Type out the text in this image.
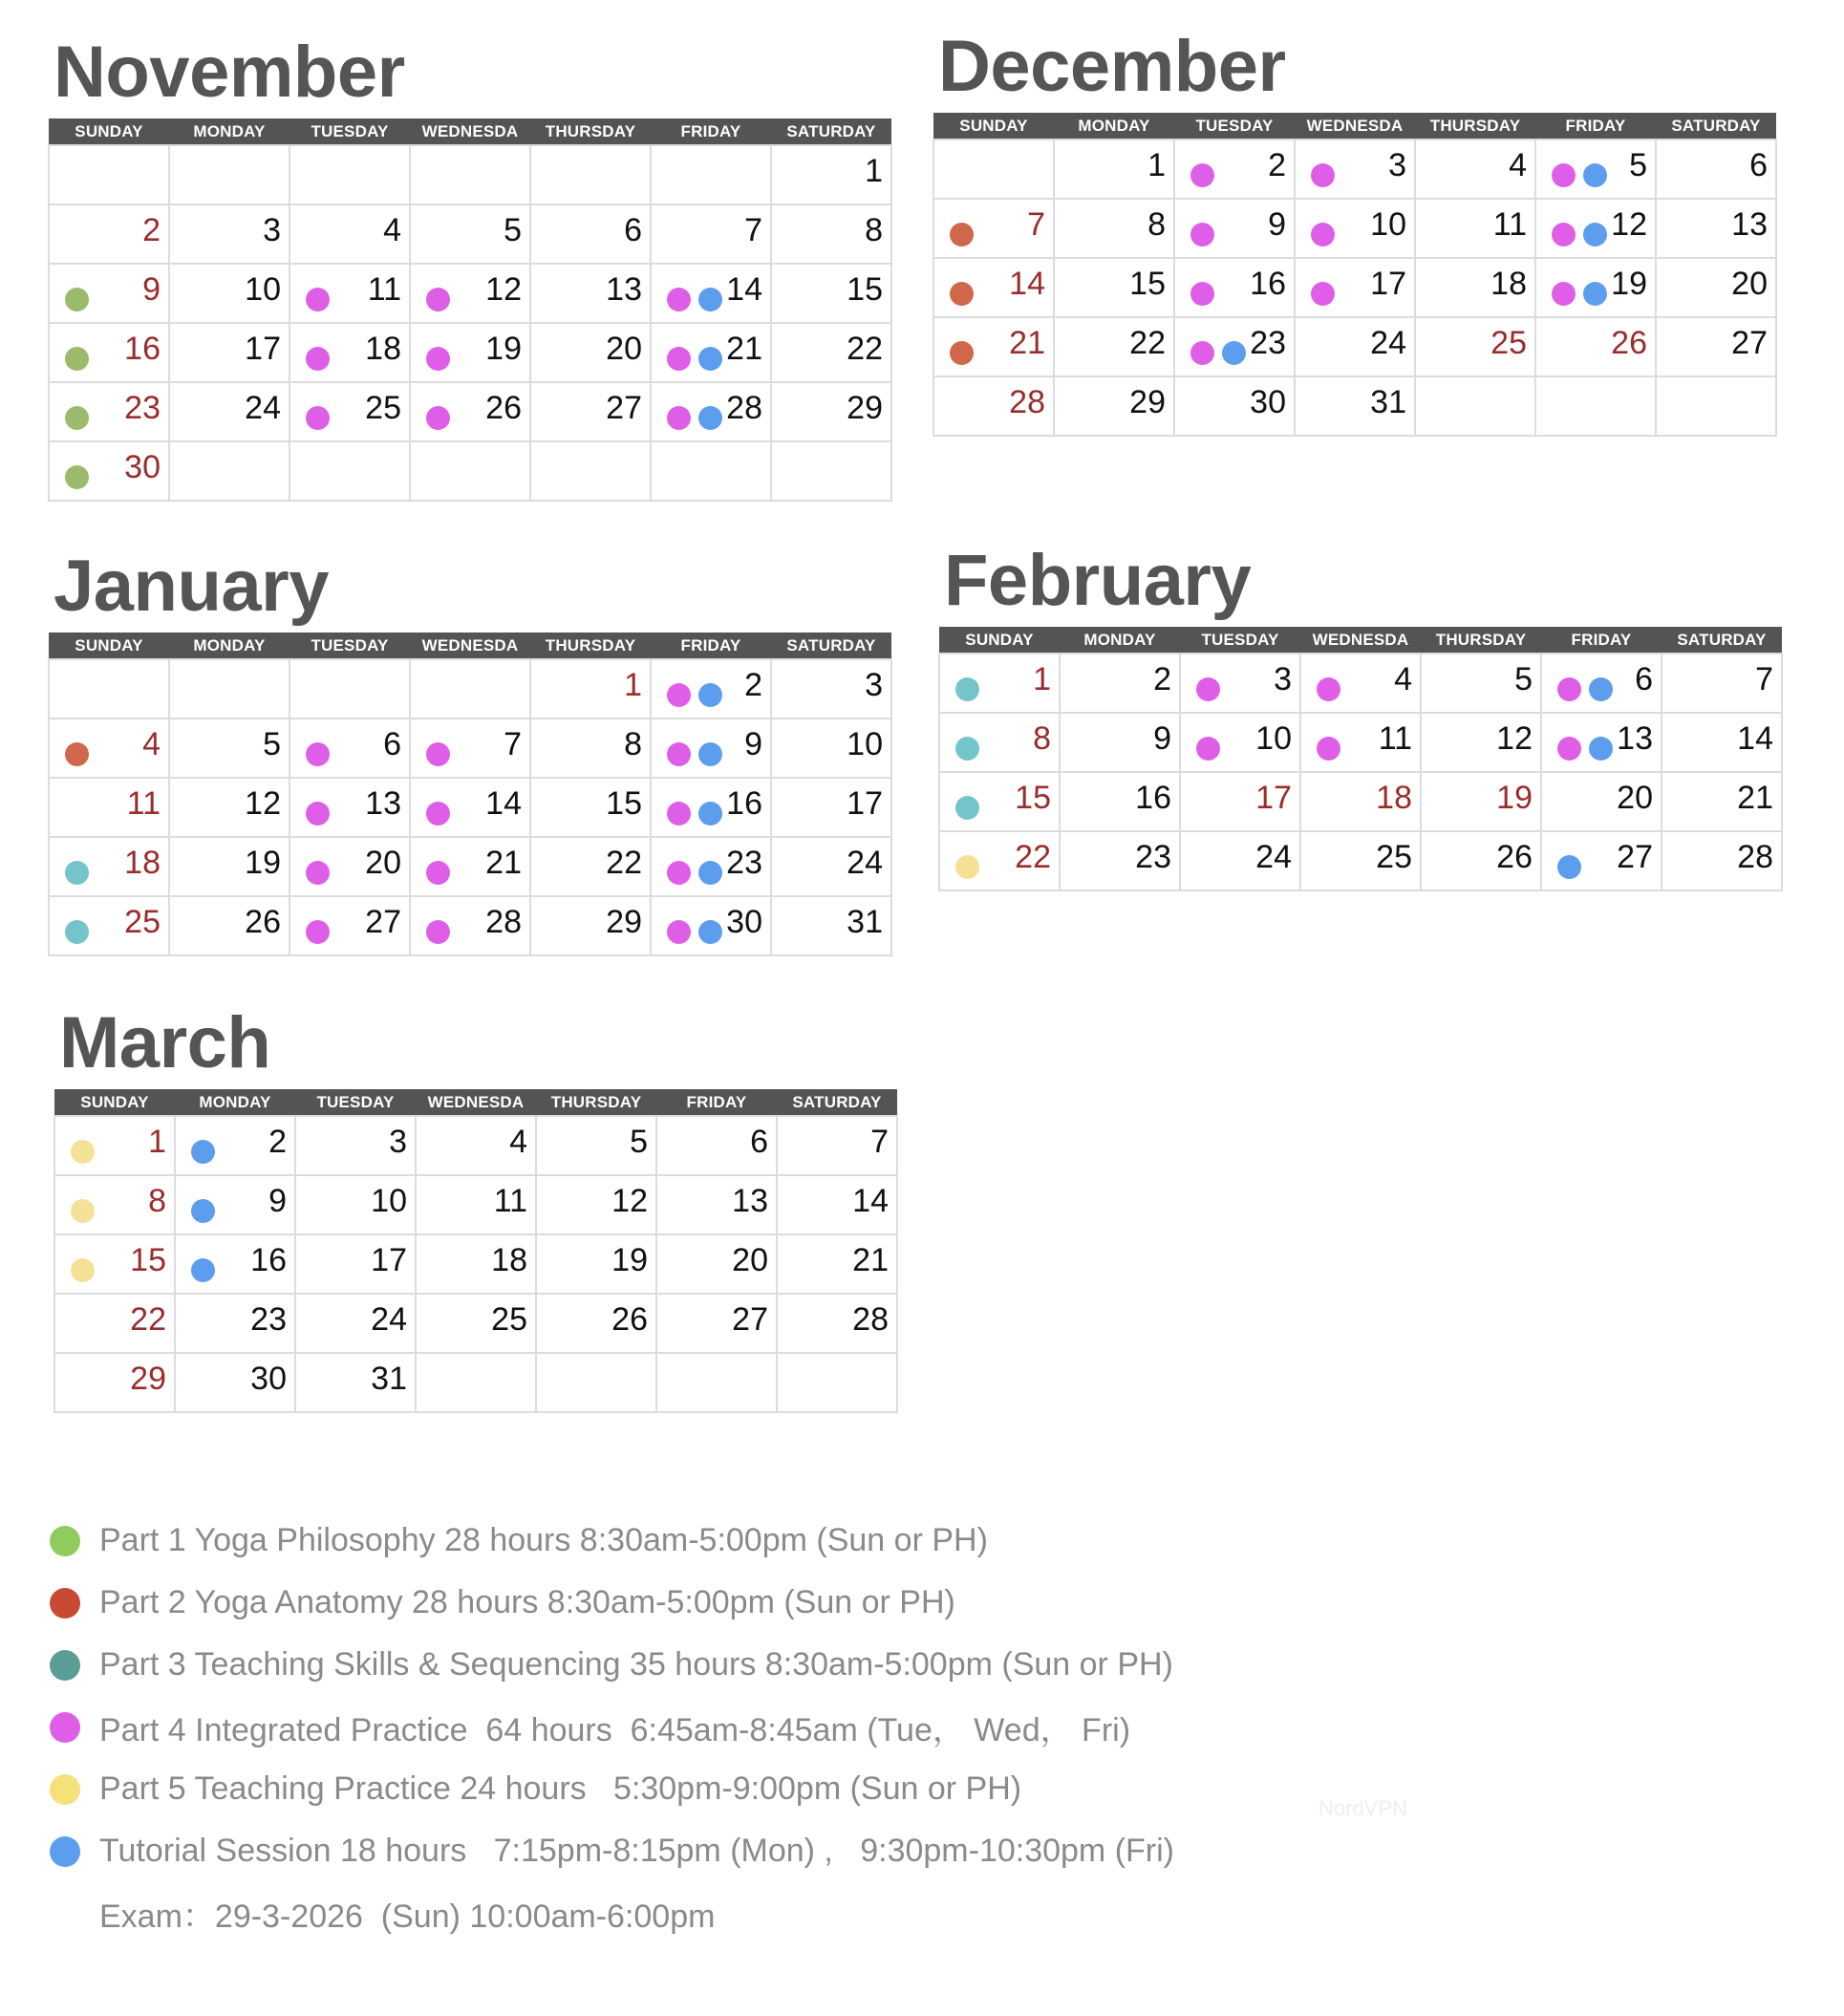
November
SUNDAY	MONDAY	TUESDAY	WEDNESDA	THURSDAY	FRIDAY	SATURDAY

						1

2	3	4	5	6	7	8

9	10	11	12	13	14	15

16	17	18	19	20	21	22

23	24	25	26	27	28	29

30						

December
SUNDAY	MONDAY	TUESDAY	WEDNESDA	THURSDAY	FRIDAY	SATURDAY

	1	2	3	4	5	6

7	8	9	10	11	12	13

14	15	16	17	18	19	20

21	22	23	24	25	26	27

28	29	30	31			

January
SUNDAY	MONDAY	TUESDAY	WEDNESDA	THURSDAY	FRIDAY	SATURDAY

				1	2	3

4	5	6	7	8	9	10

11	12	13	14	15	16	17

18	19	20	21	22	23	24

25	26	27	28	29	30	31
February
SUNDAY	MONDAY	TUESDAY	WEDNESDA	THURSDAY	FRIDAY	SATURDAY

1	2	3	4	5	6	7

8	9	10	11	12	13	14

15	16	17	18	19	20	21

22	23	24	25	26	27	28
March
SUNDAY	MONDAY	TUESDAY	WEDNESDA	THURSDAY	FRIDAY	SATURDAY

1	2	3	4	5	6	7

8	9	10	11	12	13	14

15	16	17	18	19	20	21

22	23	24	25	26	27	28

29	30	31				

Part 1 Yoga Philosophy 28 hours 8:30am-5:00pm (Sun or PH)
Part 2 Yoga Anatomy 28 hours 8:30am-5:00pm (Sun or PH)
Part 3 Teaching Skills & Sequencing 35 hours 8:30am-5:00pm (Sun or PH)
Part 4 Integrated Practice  64 hours  6:45am-8:45am (Tue， Wed， Fri)
Part 5 Teaching Practice 24 hours   5:30pm-9:00pm (Sun or PH)
Tutorial Session 18 hours   7:15pm-8:15pm (Mon) ,   9:30pm-10:30pm (Fri)
Exam：29-3-2026  (Sun) 10:00am-6:00pm
NordVPN
